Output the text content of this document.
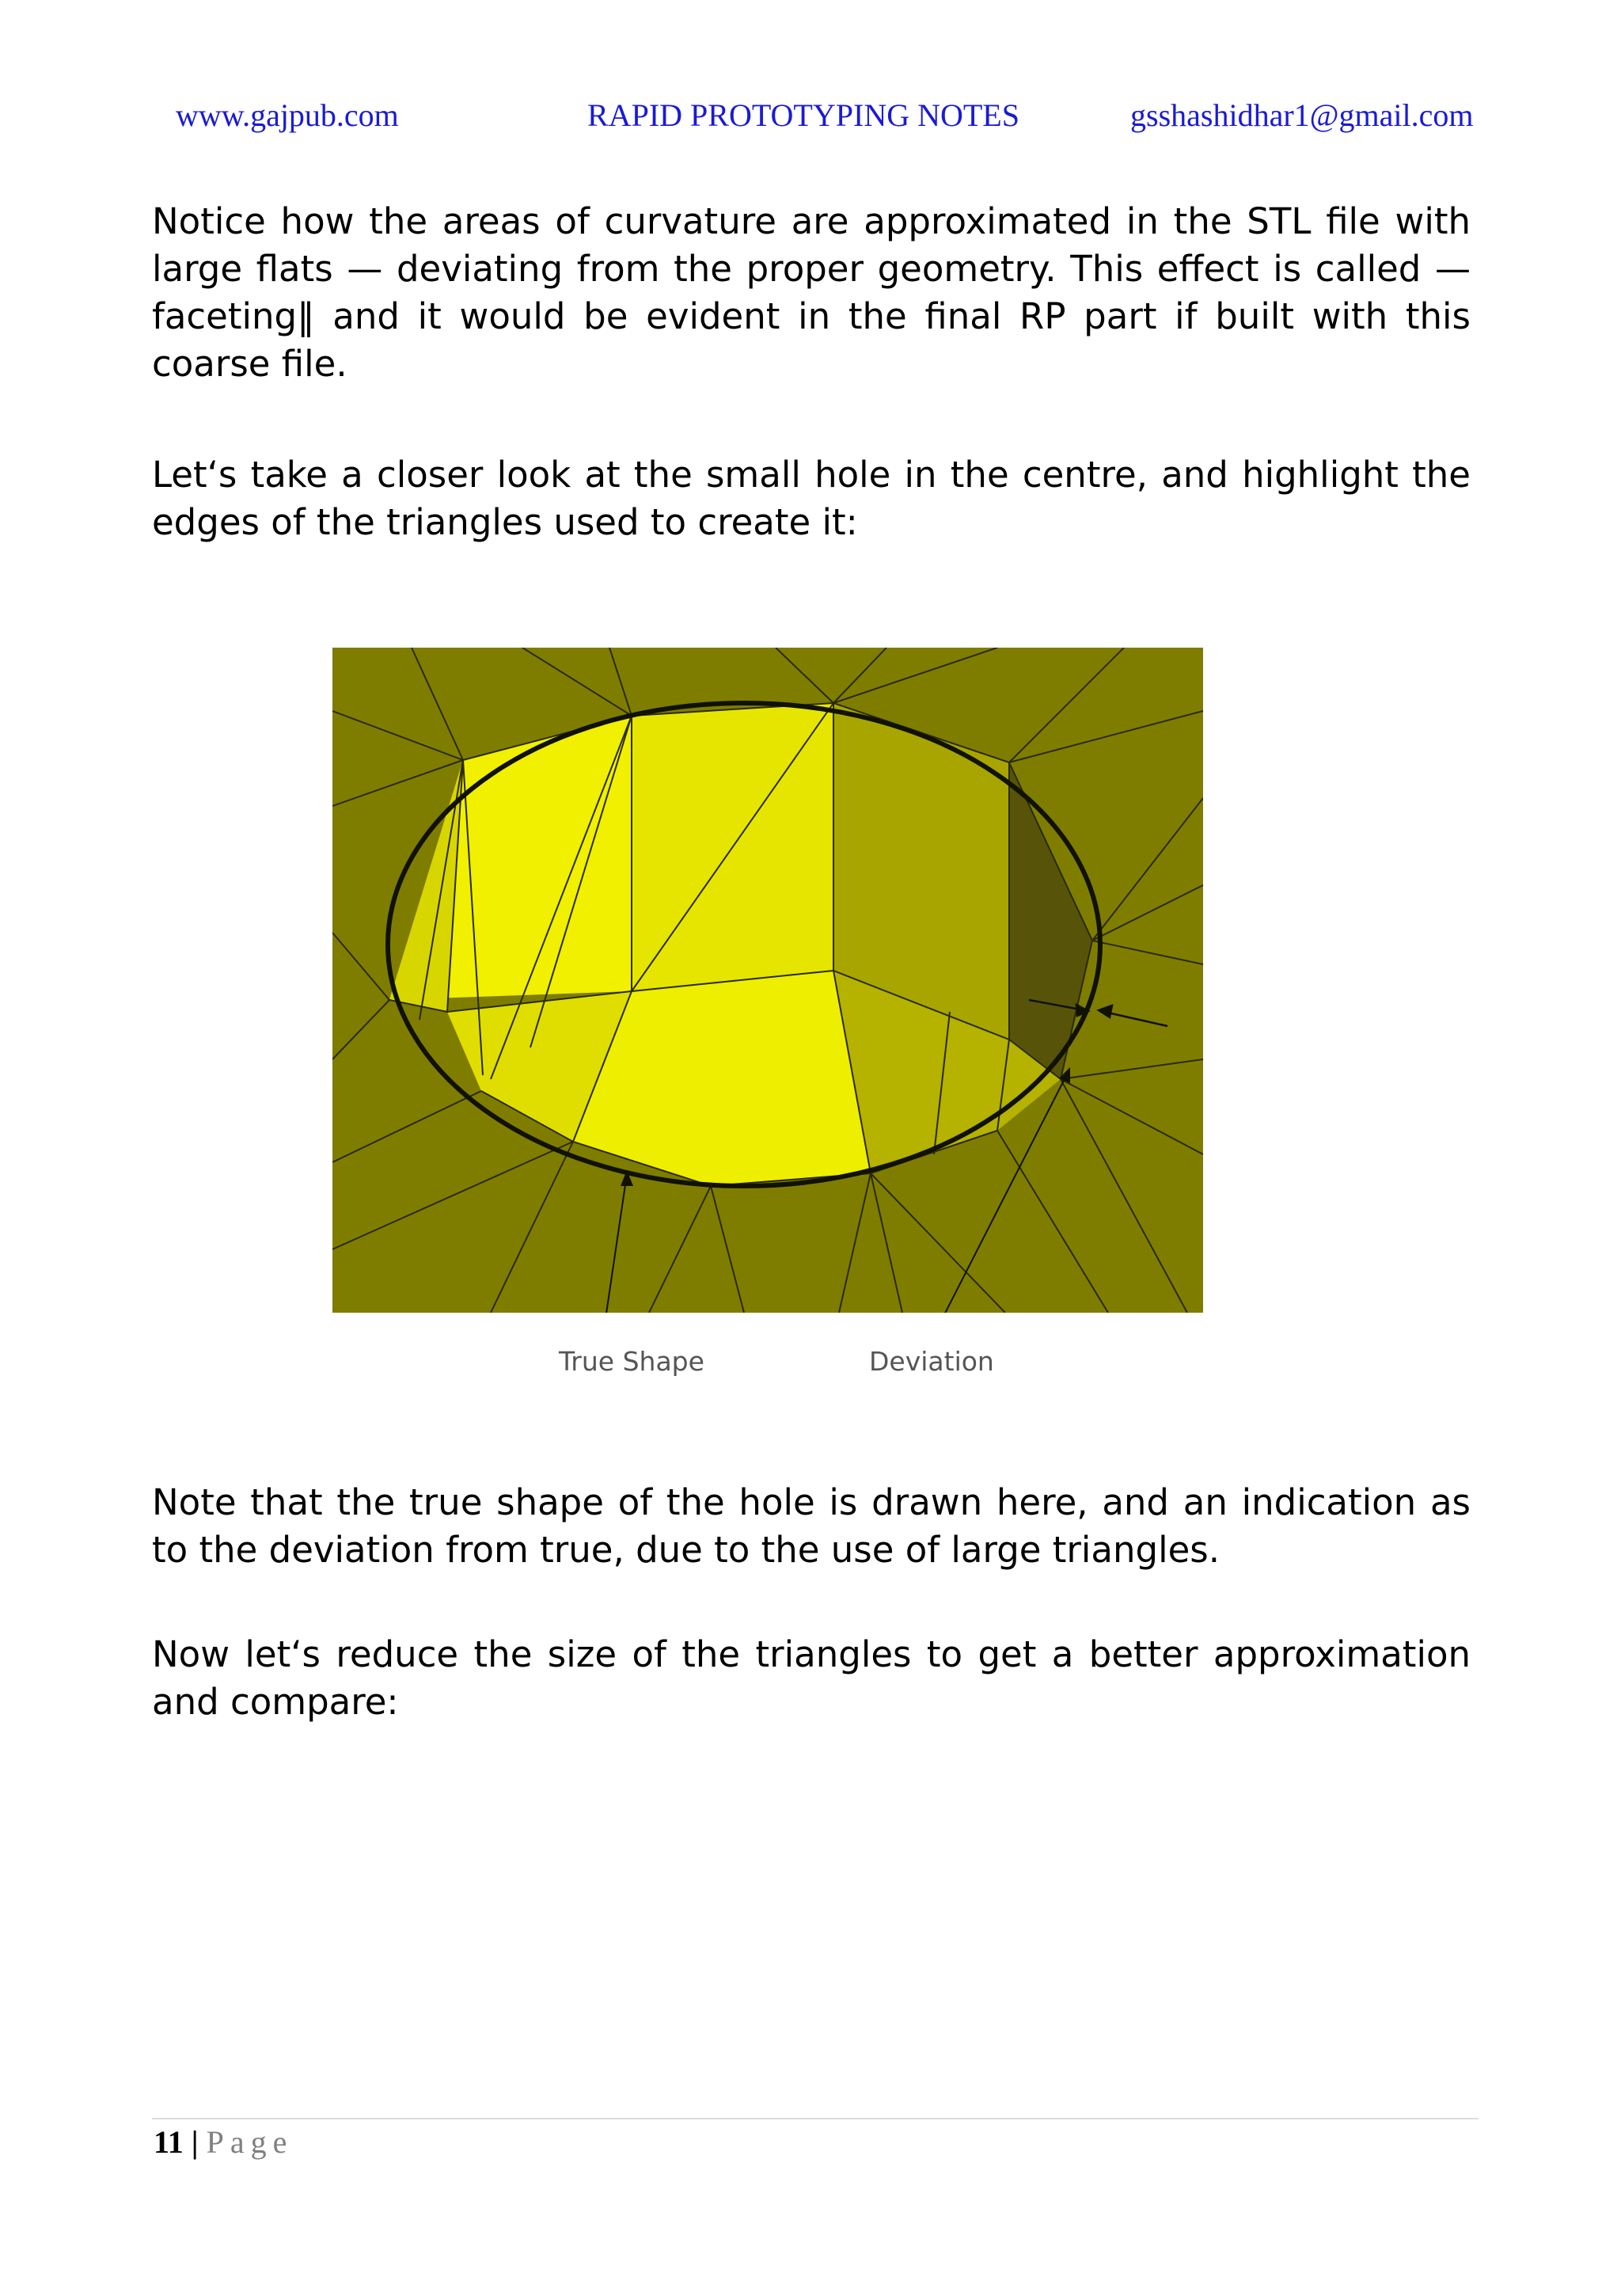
www.gajpub.com	RAPID PROTOTYPING NOTES	gsshashidhar1@gmail.com

Notice how the areas of curvature are approximated in the STL file with large flats — deviating from the proper geometry. This effect is called —faceting‖ and it would be evident in the final RP part if built with this coarse file.

Let‘s take a closer look at the small hole in the centre, and highlight the edges of the triangles used to create it:

True Shape	Deviation

Note that the true shape of the hole is drawn here, and an indication as to the deviation from true, due to the use of large triangles.

Now let‘s reduce the size of the triangles to get a better approximation and compare:

11 | Page
